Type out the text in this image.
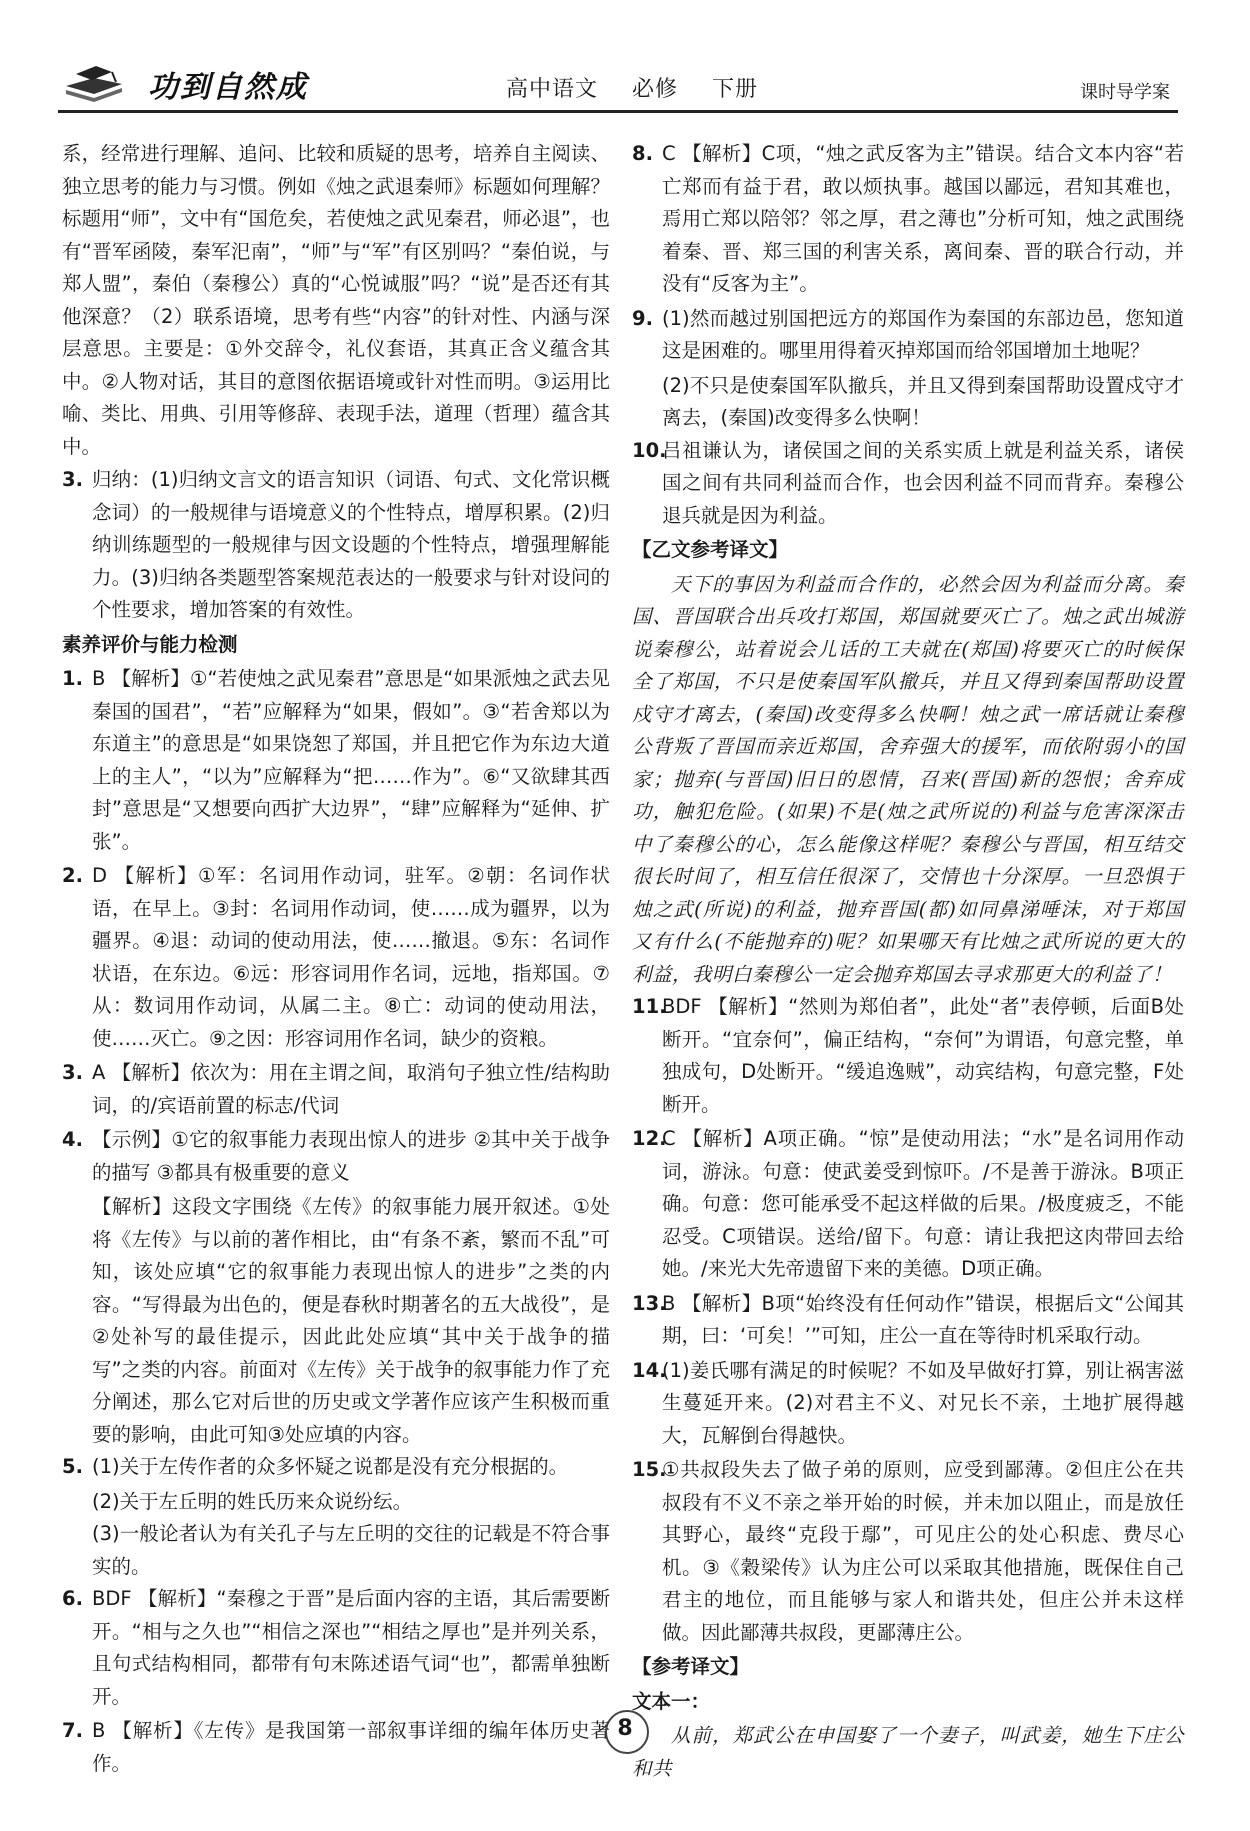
功到自然成	高中语文 必修 下册	课时导学案

系，经常进行理解、追问、比较和质疑的思考，培养自主阅读、独立思考的能力与习惯。例如《烛之武退秦师》标题如何理解？标题用“师”，文中有“国危矣，若使烛之武见秦君，师必退”，也有“晋军函陵，秦军汜南”，“师”与“军”有区别吗？“秦伯说，与郑人盟”，秦伯（秦穆公）真的“心悦诚服”吗？“说”是否还有其他深意？（2）联系语境，思考有些“内容”的针对性、内涵与深层意思。主要是：①外交辞令，礼仪套语，其真正含义蕴含其中。②人物对话，其目的意图依据语境或针对性而明。③运用比喻、类比、用典、引用等修辞、表现手法，道理（哲理）蕴含其中。

3. 归纳：(1)归纳文言文的语言知识（词语、句式、文化常识概念词）的一般规律与语境意义的个性特点，增厚积累。(2)归纳训练题型的一般规律与因文设题的个性特点，增强理解能力。(3)归纳各类题型答案规范表达的一般要求与针对设问的个性要求，增加答案的有效性。
素养评价与能力检测
1. B 【解析】①“若使烛之武见秦君”意思是“如果派烛之武去见秦国的国君”，“若”应解释为“如果，假如”。③“若舍郑以为东道主”的意思是“如果饶恕了郑国，并且把它作为东边大道上的主人”，“以为”应解释为“把……作为”。⑥“又欲肆其西封”意思是“又想要向西扩大边界”，“肆”应解释为“延伸、扩张”。
2. D 【解析】①军：名词用作动词，驻军。②朝：名词作状语，在早上。③封：名词用作动词，使……成为疆界，以为疆界。④退：动词的使动用法，使……撤退。⑤东：名词作状语，在东边。⑥远：形容词用作名词，远地，指郑国。⑦从：数词用作动词，从属二主。⑧亡：动词的使动用法，使……灭亡。⑨之因：形容词用作名词，缺少的资粮。
3. A 【解析】依次为：用在主谓之间，取消句子独立性/结构助词，的/宾语前置的标志/代词
4. 【示例】①它的叙事能力表现出惊人的进步 ②其中关于战争的描写 ③都具有极重要的意义

【解析】这段文字围绕《左传》的叙事能力展开叙述。①处将《左传》与以前的著作相比，由“有条不紊，繁而不乱”可知，该处应填“它的叙事能力表现出惊人的进步”之类的内容。“写得最为出色的，便是春秋时期著名的五大战役”，是②处补写的最佳提示，因此此处应填“其中关于战争的描写”之类的内容。前面对《左传》关于战争的叙事能力作了充分阐述，那么它对后世的历史或文学著作应该产生积极而重要的影响，由此可知③处应填的内容。

5. (1)关于左传作者的众多怀疑之说都是没有充分根据的。

(2)关于左丘明的姓氏历来众说纷纭。

(3)一般论者认为有关孔子与左丘明的交往的记载是不符合事实的。

6. BDF 【解析】“秦穆之于晋”是后面内容的主语，其后需要断开。“相与之久也”“相信之深也”“相结之厚也”是并列关系，且句式结构相同，都带有句末陈述语气词“也”，都需单独断开。
7. B 【解析】《左传》是我国第一部叙事详细的编年体历史著作。
8. C 【解析】C项，“烛之武反客为主”错误。结合文本内容“若亡郑而有益于君，敢以烦执事。越国以鄙远，君知其难也，焉用亡郑以陪邻？邻之厚，君之薄也”分析可知，烛之武围绕着秦、晋、郑三国的利害关系，离间秦、晋的联合行动，并没有“反客为主”。
9. (1)然而越过别国把远方的郑国作为秦国的东部边邑，您知道这是困难的。哪里用得着灭掉郑国而给邻国增加土地呢？

(2)不只是使秦国军队撤兵，并且又得到秦国帮助设置戍守才离去，(秦国)改变得多么快啊！

10.
吕祖谦认为，诸侯国之间的关系实质上就是利益关系，诸侯国之间有共同利益而合作，也会因利益不同而背弃。秦穆公退兵就是因为利益。
【乙文参考译文】

天下的事因为利益而合作的，必然会因为利益而分离。秦国、晋国联合出兵攻打郑国，郑国就要灭亡了。烛之武出城游说秦穆公，站着说会儿话的工夫就在(郑国)将要灭亡的时候保全了郑国，不只是使秦国军队撤兵，并且又得到秦国帮助设置戍守才离去，(秦国)改变得多么快啊！烛之武一席话就让秦穆公背叛了晋国而亲近郑国，舍弃强大的援军，而依附弱小的国家；抛弃(与晋国)旧日的恩情，召来(晋国)新的怨恨；舍弃成功，触犯危险。(如果)不是(烛之武所说的)利益与危害深深击中了秦穆公的心，怎么能像这样呢？秦穆公与晋国，相互结交很长时间了，相互信任很深了，交情也十分深厚。一旦恐惧于烛之武(所说)的利益，抛弃晋国(都)如同鼻涕唾沫，对于郑国又有什么(不能抛弃的)呢？如果哪天有比烛之武所说的更大的利益，我明白秦穆公一定会抛弃郑国去寻求那更大的利益了！

11.
BDF 【解析】“然则为郑伯者”，此处“者”表停顿，后面B处断开。“宜奈何”，偏正结构，“奈何”为谓语，句意完整，单独成句，D处断开。“缓追逸贼”，动宾结构，句意完整，F处断开。
12.
C 【解析】A项正确。“惊”是使动用法；“水”是名词用作动词，游泳。句意：使武姜受到惊吓。/不是善于游泳。B项正确。句意：您可能承受不起这样做的后果。/极度疲乏，不能忍受。C项错误。送给/留下。句意：请让我把这肉带回去给她。/来光大先帝遗留下来的美德。D项正确。
13.
B 【解析】B项“始终没有任何动作”错误，根据后文“公闻其期，曰：‘可矣！’”可知，庄公一直在等待时机采取行动。
14.
(1)姜氏哪有满足的时候呢？不如及早做好打算，别让祸害滋生蔓延开来。(2)对君主不义、对兄长不亲，土地扩展得越大，瓦解倒台得越快。
15.
①共叔段失去了做子弟的原则，应受到鄙薄。②但庄公在共叔段有不义不亲之举开始的时候，并未加以阻止，而是放任其野心，最终“克段于鄢”，可见庄公的处心积虑、费尽心机。③《穀梁传》认为庄公可以采取其他措施，既保住自己君主的地位，而且能够与家人和谐共处，但庄公并未这样做。因此鄙薄共叔段，更鄙薄庄公。
【参考译文】
文本一：

从前，郑武公在申国娶了一个妻子，叫武姜，她生下庄公和共

8
